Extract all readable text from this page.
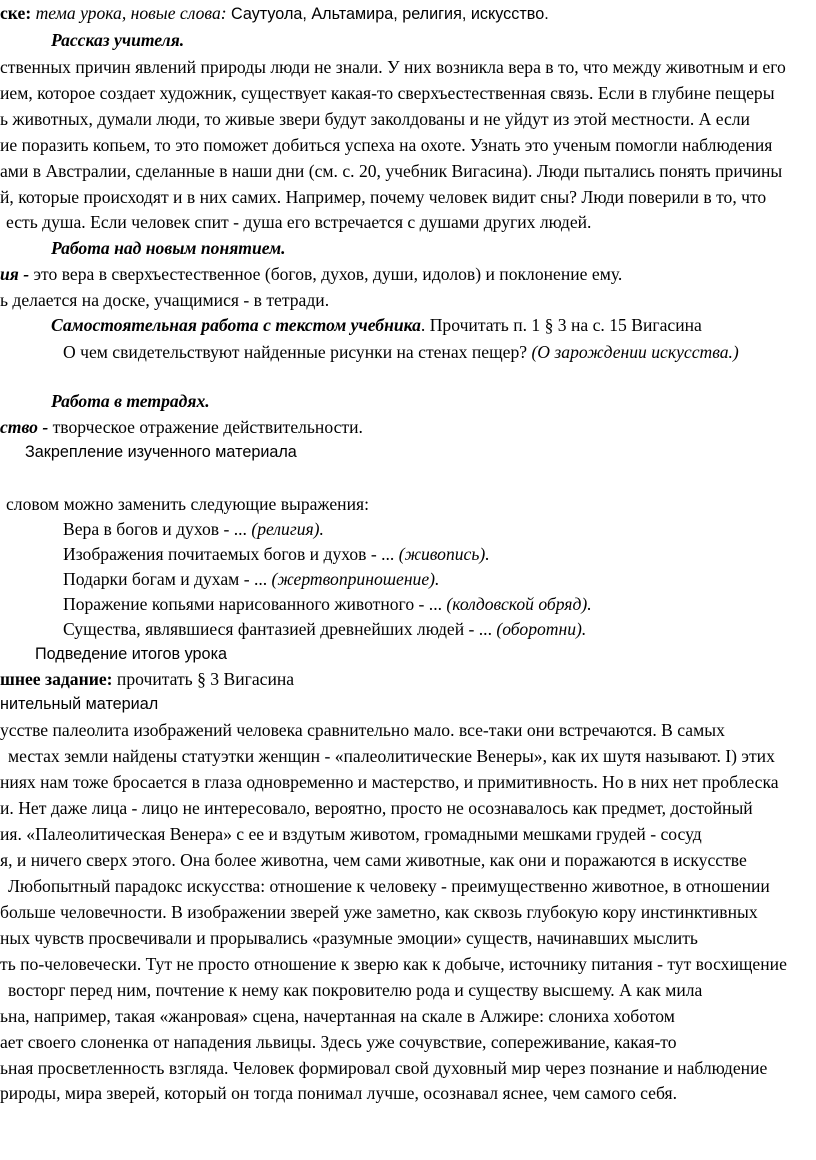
ске: тема урока, новые слова: Саутуола, Альтамира, религия, искусство.
Рассказ учителя.
ственных причин явлений природы люди не знали. У них возникла вера в то, что между животным и его
ием, которое создает художник, существует какая-то сверхъестественная связь. Если в глубине пещеры
ь животных, думали люди, то живые звери будут заколдованы и не уйдут из этой местности. А если
ие поразить копьем, то это поможет добиться успеха на охоте. Узнать это ученым помогли наблюдения
ами в Австралии, сделанные в наши дни (см. с. 20, учебник Вигасина). Люди пытались понять причины
й, которые происходят и в них самих. Например, почему человек видит сны? Люди поверили в то, что
есть душа. Если человек спит - душа его встречается с душами других людей.
Работа над новым понятием.
ия - это вера в сверхъестественное (богов, духов, души, идолов) и поклонение ему.
ь делается на доске, учащимися - в тетради.
Самостоятельная работа с текстом учебника. Прочитать п. 1 § 3 на с. 15 Вигасина
О чем свидетельствуют найденные рисунки на стенах пещер? (О зарождении искусства.)
Работа в тетрадях.
ство - творческое отражение действительности.
Закрепление изученного материала
словом можно заменить следующие выражения:
Вера в богов и духов - ... (религия).
Изображения почитаемых богов и духов - ... (живопись).
Подарки богам и духам - ... (жертвоприношение).
Поражение копьями нарисованного животного - ... (колдовской обряд).
Существа, являвшиеся фантазией древнейших людей - ... (оборотни).
Подведение итогов урока
шнее задание: прочитать § 3 Вигасина
нительный материал
усстве палеолита изображений человека сравнительно мало. все-таки они встречаются. В самых
местах земли найдены статуэтки женщин - «палеолитические Венеры», как их шутя называют. I) этих
ниях нам тоже бросается в глаза одновременно и мастерство, и примитивность. Но в них нет проблеска
и. Нет даже лица - лицо не интересовало, вероятно, просто не осознавалось как предмет, достойный
ия. «Палеолитическая Венера» с ее и вздутым животом, громадными мешками грудей - сосуд
я, и ничего сверх этого. Она более животна, чем сами животные, как они и поражаются в искусстве
Любопытный парадокс искусства: отношение к человеку - преимущественно животное, в отношении
больше человечности. В изображении зверей уже заметно, как сквозь глубокую кору инстинктивных
ных чувств просвечивали и прорывались «разумные эмоции» существ, начинавших мыслить
ть по-человечески. Тут не просто отношение к зверю как к добыче, источнику питания - тут восхищение
восторг перед ним, почтение к нему как покровителю рода и существу высшему. А как мила
ьна, например, такая «жанровая» сцена, начертанная на скале в Алжире: слониха хоботом
ает своего слоненка от нападения львицы. Здесь уже сочувствие, сопереживание, какая-то
ьная просветленность взгляда. Человек формировал свой духовный мир через познание и наблюдение
рироды, мира зверей, который он тогда понимал лучше, осознавал яснее, чем самого себя.
